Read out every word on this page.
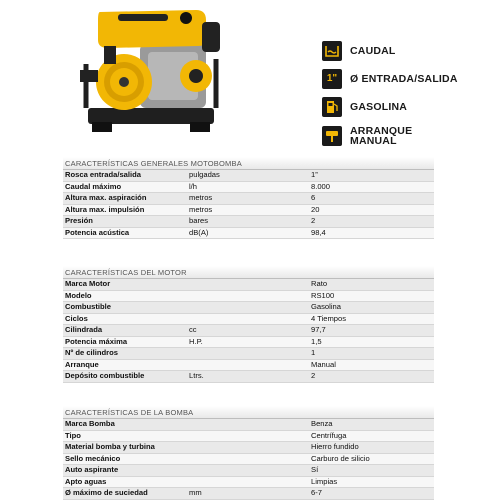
CAUDAL
1" Ø ENTRADA/SALIDA
GASOLINA
ARRANQUE
MANUAL
CARACTERÍSTICAS GENERALES MOTOBOMBA
Rosca entrada/salida	pulgadas	1”
Caudal máximo	l/h	8.000
Altura max. aspiración	metros	6
Altura max. impulsión	metros	20
Presión	bares	2
Potencia acústica	dB(A)	98,4
CARACTERÍSTICAS DEL MOTOR
Marca Motor		Rato
Modelo		RS100
Combustible		Gasolina
Ciclos		4 Tiempos
Cilindrada	cc	97,7
Potencia máxima	H.P.	1,5
Nº de cilindros		1
Arranque		Manual
Depósito combustible	Ltrs.	2
CARACTERÍSTICAS DE LA BOMBA
Marca Bomba		Benza
Tipo		Centrífuga
Material bomba y turbina		Hierro fundido
Sello mecánico		Carburo de silicio
Auto aspirante		Sí
Apto aguas		Limpias
Ø máximo de suciedad	mm	6-7
